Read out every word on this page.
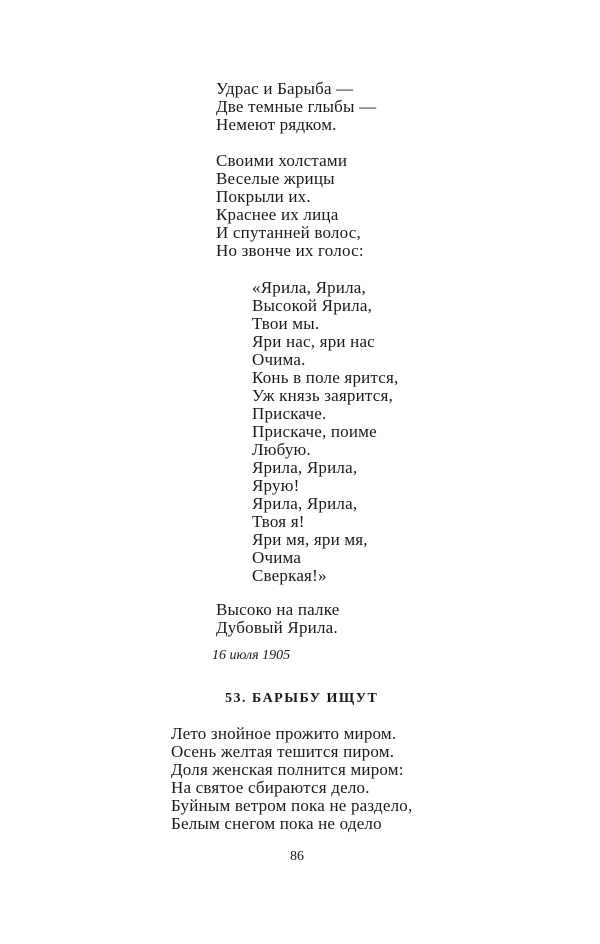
Удрас и Барыба —
Две темные глыбы —
Немеют рядком.
Своими холстами
Веселые жрицы
Покрыли их.
Краснее их лица
И спутанней волос,
Но звонче их голос:
«Ярила, Ярила,
Высокой Ярила,
Твои мы.
Яри нас, яри нас
Очима.
Конь в поле ярится,
Уж князь заярится,
Прискаче.
Прискаче, поиме
Любую.
Ярила, Ярила,
Ярую!
Ярила, Ярила,
Твоя я!
Яри мя, яри мя,
Очима
Сверкая!»
Высоко на палке
Дубовый Ярила.
16 июля 1905
53. БАРЫБУ ИЩУТ
Лето знойное прожито миром.
Осень желтая тешится пиром.
Доля женская полнится миром:
На святое сбираются дело.
Буйным ветром пока не раздело,
Белым снегом пока не одело
86
